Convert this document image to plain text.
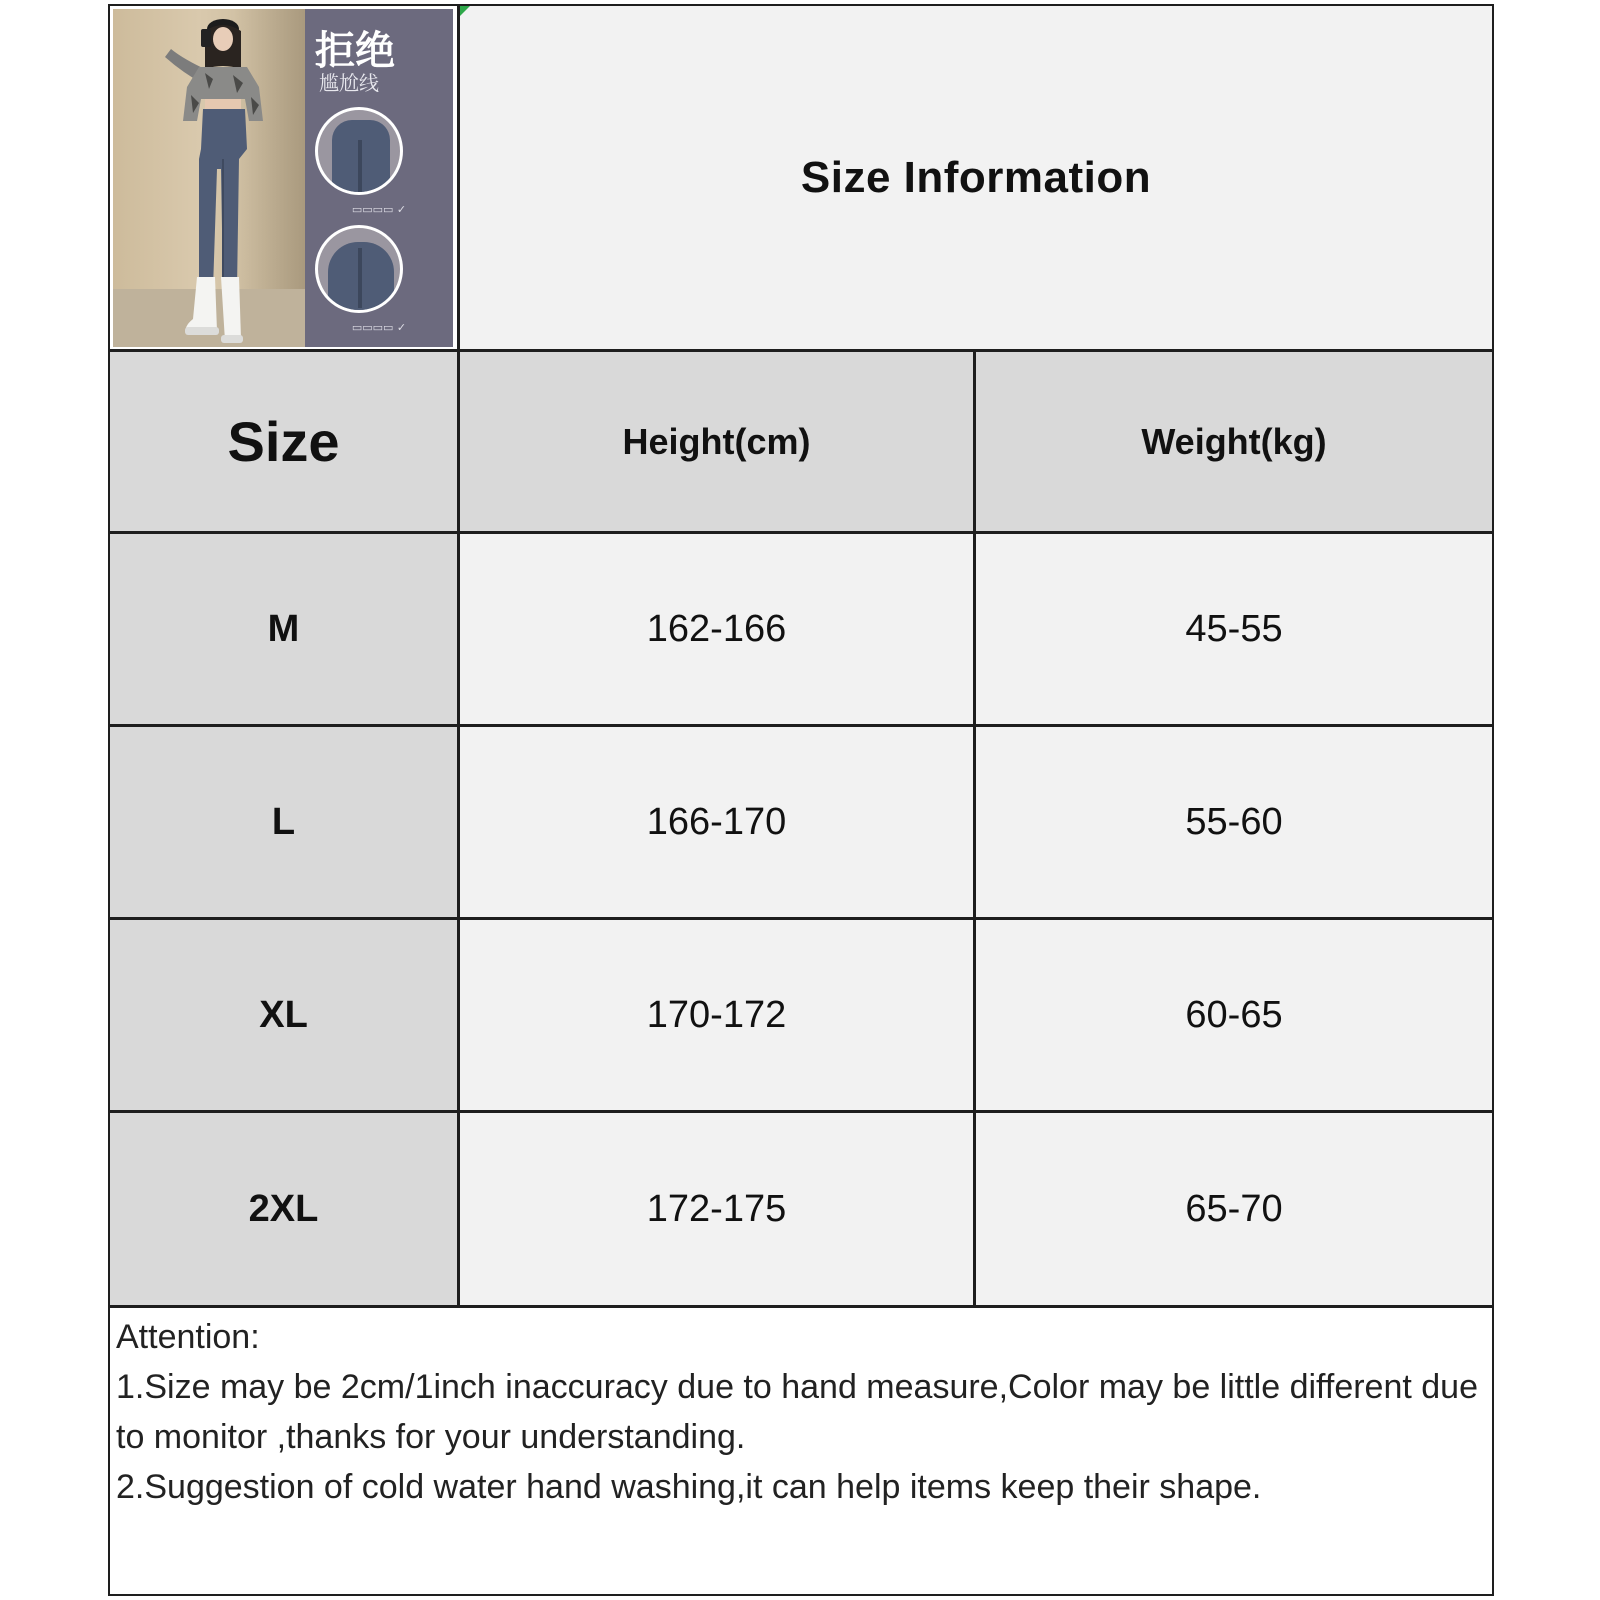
拒绝
尴尬线
▭▭▭▭ ✓
▭▭▭▭ ✓
Size Information
Size	Height(cm)	Weight(kg)
M	162-166	45-55
L	166-170	55-60
XL	170-172	60-65
2XL	172-175	65-70
Attention:
1.Size may be 2cm/1inch inaccuracy due to hand measure,Color may be little different due to monitor ,thanks for your understanding.
2.Suggestion of cold water hand washing,it can help items keep their shape.
